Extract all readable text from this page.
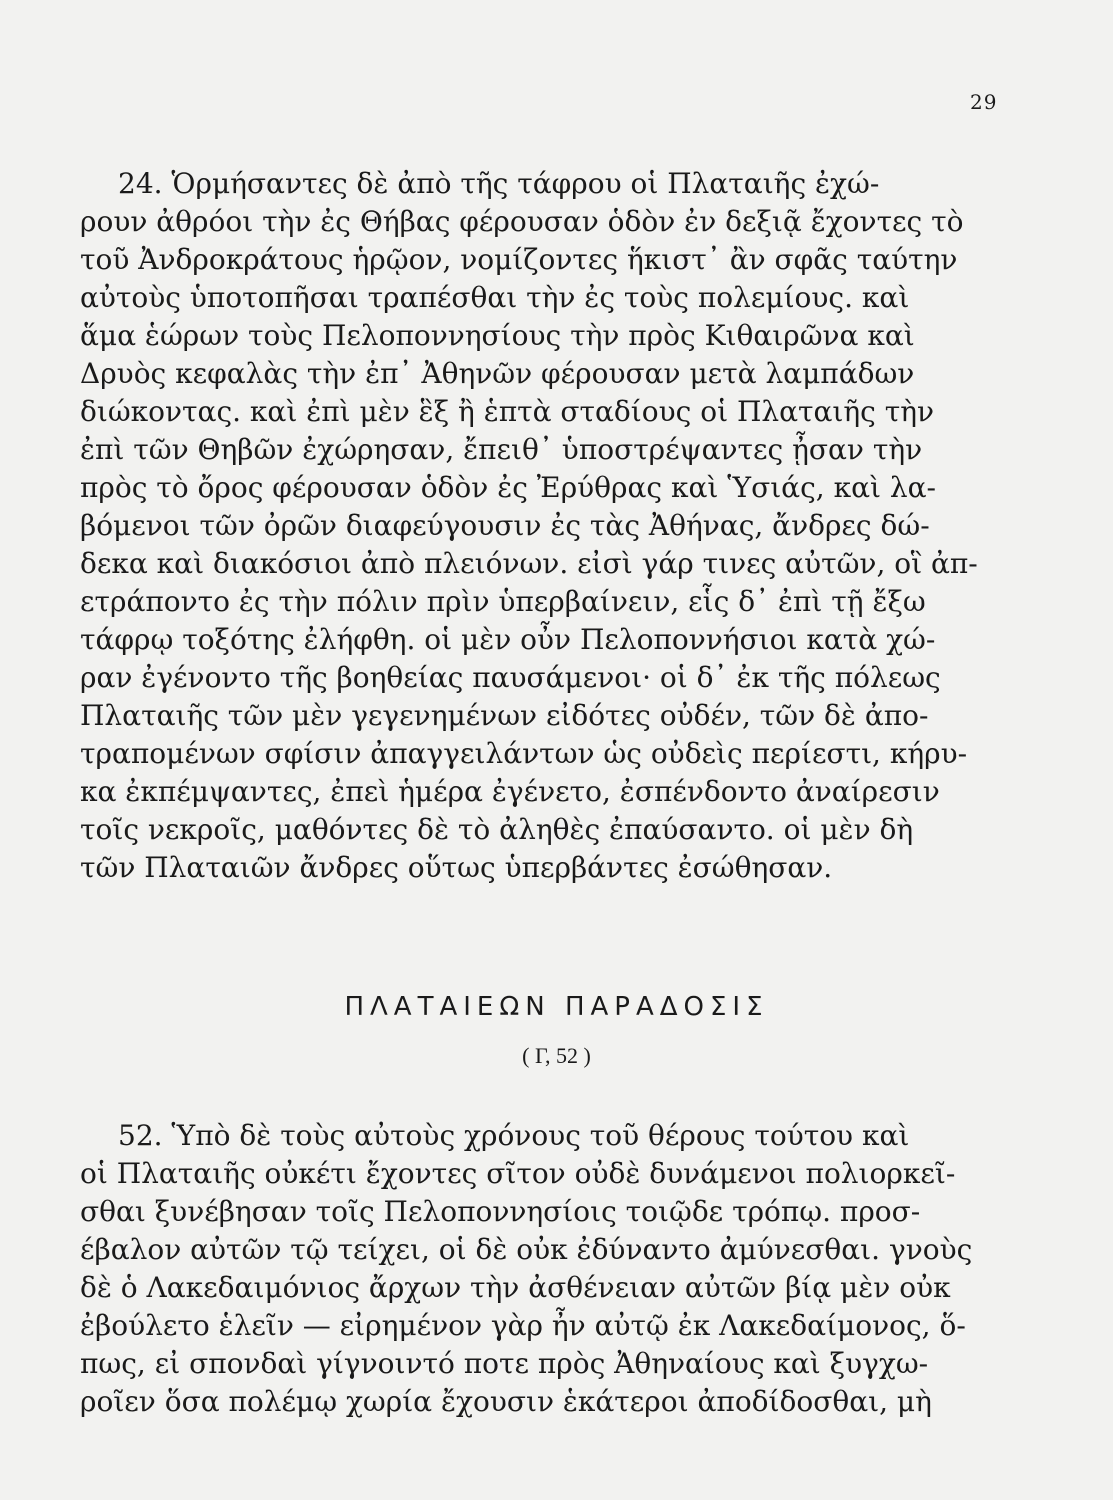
29
24. Ὁρμήσαντες δὲ ἀπὸ τῆς τάφρου οἱ Πλαταιῆς ἐχώ-
ρουν ἀθρόοι τὴν ἐς Θήβας φέρουσαν ὁδὸν ἐν δεξιᾷ ἔχοντες τὸ
τοῦ Ἀνδροκράτους ἡρῷον, νομίζοντες ἥκιστ᾿ ἂν σφᾶς ταύτην
αὐτοὺς ὑποτοπῆσαι τραπέσθαι τὴν ἐς τοὺς πολεμίους. καὶ
ἅμα ἑώρων τοὺς Πελοποννησίους τὴν πρὸς Κιθαιρῶνα καὶ
Δρυὸς κεφαλὰς τὴν ἐπ᾿ Ἀθηνῶν φέρουσαν μετὰ λαμπάδων
διώκοντας. καὶ ἐπὶ μὲν ἓξ ἢ ἑπτὰ σταδίους οἱ Πλαταιῆς τὴν
ἐπὶ τῶν Θηβῶν ἐχώρησαν, ἔπειθ᾿ ὑποστρέψαντες ᾖσαν τὴν
πρὸς τὸ ὄρος φέρουσαν ὁδὸν ἐς Ἐρύθρας καὶ Ὑσιάς, καὶ λα-
βόμενοι τῶν ὀρῶν διαφεύγουσιν ἐς τὰς Ἀθήνας, ἄνδρες δώ-
δεκα καὶ διακόσιοι ἀπὸ πλειόνων. εἰσὶ γάρ τινες αὐτῶν, οἳ ἀπ-
ετράποντο ἐς τὴν πόλιν πρὶν ὑπερβαίνειν, εἷς δ᾿ ἐπὶ τῇ ἔξω
τάφρῳ τοξότης ἐλήφθη. οἱ μὲν οὖν Πελοποννήσιοι κατὰ χώ-
ραν ἐγένοντο τῆς βοηθείας παυσάμενοι· οἱ δ᾿ ἐκ τῆς πόλεως
Πλαταιῆς τῶν μὲν γεγενημένων εἰδότες οὐδέν, τῶν δὲ ἀπο-
τραπομένων σφίσιν ἀπαγγειλάντων ὡς οὐδεὶς περίεστι, κήρυ-
κα ἐκπέμψαντες, ἐπεὶ ἡμέρα ἐγένετο, ἐσπένδοντο ἀναίρεσιν
τοῖς νεκροῖς, μαθόντες δὲ τὸ ἀληθὲς ἐπαύσαντο. οἱ μὲν δὴ
τῶν Πλαταιῶν ἄνδρες οὕτως ὑπερβάντες ἐσώθησαν.
ΠΛΑΤΑΙΕΩΝ ΠΑΡΑΔΟΣΙΣ
( Γ, 52 )
52. Ὑπὸ δὲ τοὺς αὐτοὺς χρόνους τοῦ θέρους τούτου καὶ
οἱ Πλαταιῆς οὐκέτι ἔχοντες σῖτον οὐδὲ δυνάμενοι πολιορκεῖ-
σθαι ξυνέβησαν τοῖς Πελοποννησίοις τοιῷδε τρόπῳ. προσ-
έβαλον αὐτῶν τῷ τείχει, οἱ δὲ οὐκ ἐδύναντο ἀμύνεσθαι. γνοὺς
δὲ ὁ Λακεδαιμόνιος ἄρχων τὴν ἀσθένειαν αὐτῶν βίᾳ μὲν οὐκ
ἐβούλετο ἑλεῖν — εἰρημένον γὰρ ἦν αὐτῷ ἐκ Λακεδαίμονος, ὅ-
πως, εἰ σπονδαὶ γίγνοιντό ποτε πρὸς Ἀθηναίους καὶ ξυγχω-
ροῖεν ὅσα πολέμῳ χωρία ἔχουσιν ἑκάτεροι ἀποδίδοσθαι, μὴ
